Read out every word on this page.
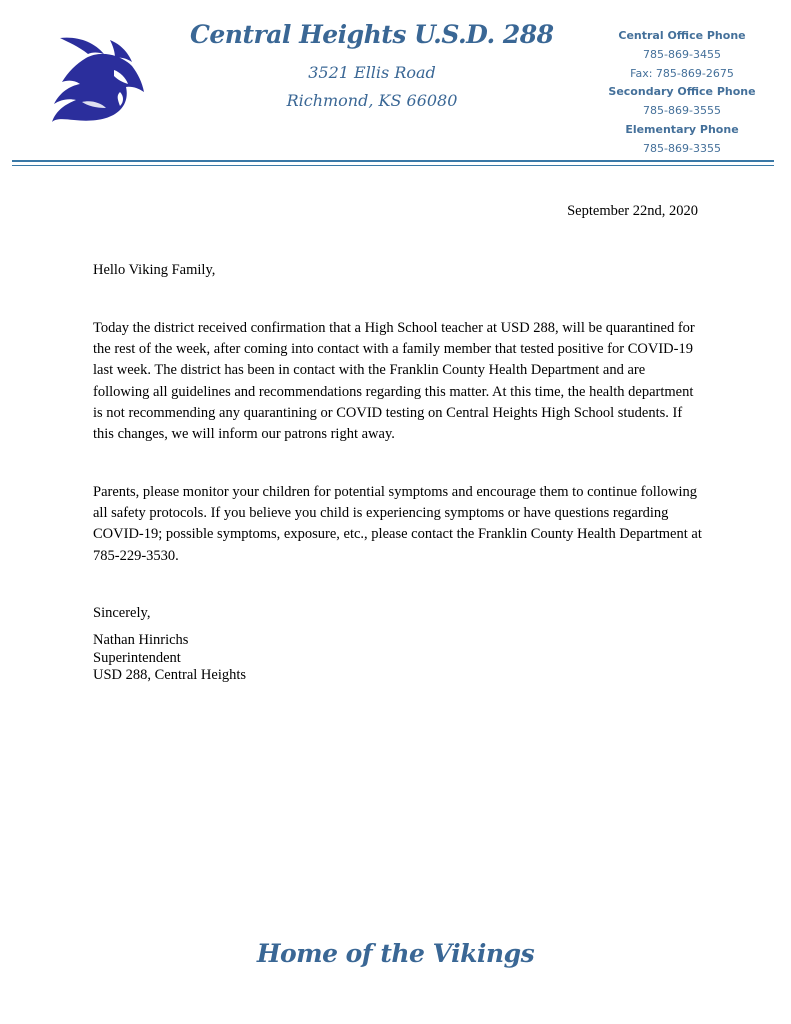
Central Heights U.S.D. 288
3521 Ellis Road
Richmond, KS 66080
Central Office Phone
785-869-3455
Fax: 785-869-2675
Secondary Office Phone
785-869-3555
Elementary Phone
785-869-3355
September 22nd, 2020

Hello Viking Family,

Today the district received confirmation that a High School teacher at USD 288, will be quarantined for the rest of the week, after coming into contact with a family member that tested positive for COVID-19 last week. The district has been in contact with the Franklin County Health Department and are following all guidelines and recommendations regarding this matter. At this time, the health department is not recommending any quarantining or COVID testing on Central Heights High School students. If this changes, we will inform our patrons right away.

Parents, please monitor your children for potential symptoms and encourage them to continue following all safety protocols. If you believe you child is experiencing symptoms or have questions regarding COVID-19; possible symptoms, exposure, etc., please contact the Franklin County Health Department at 785-229-3530.

Sincerely,

Nathan Hinrichs
Superintendent
USD 288, Central Heights
Home of the Vikings
